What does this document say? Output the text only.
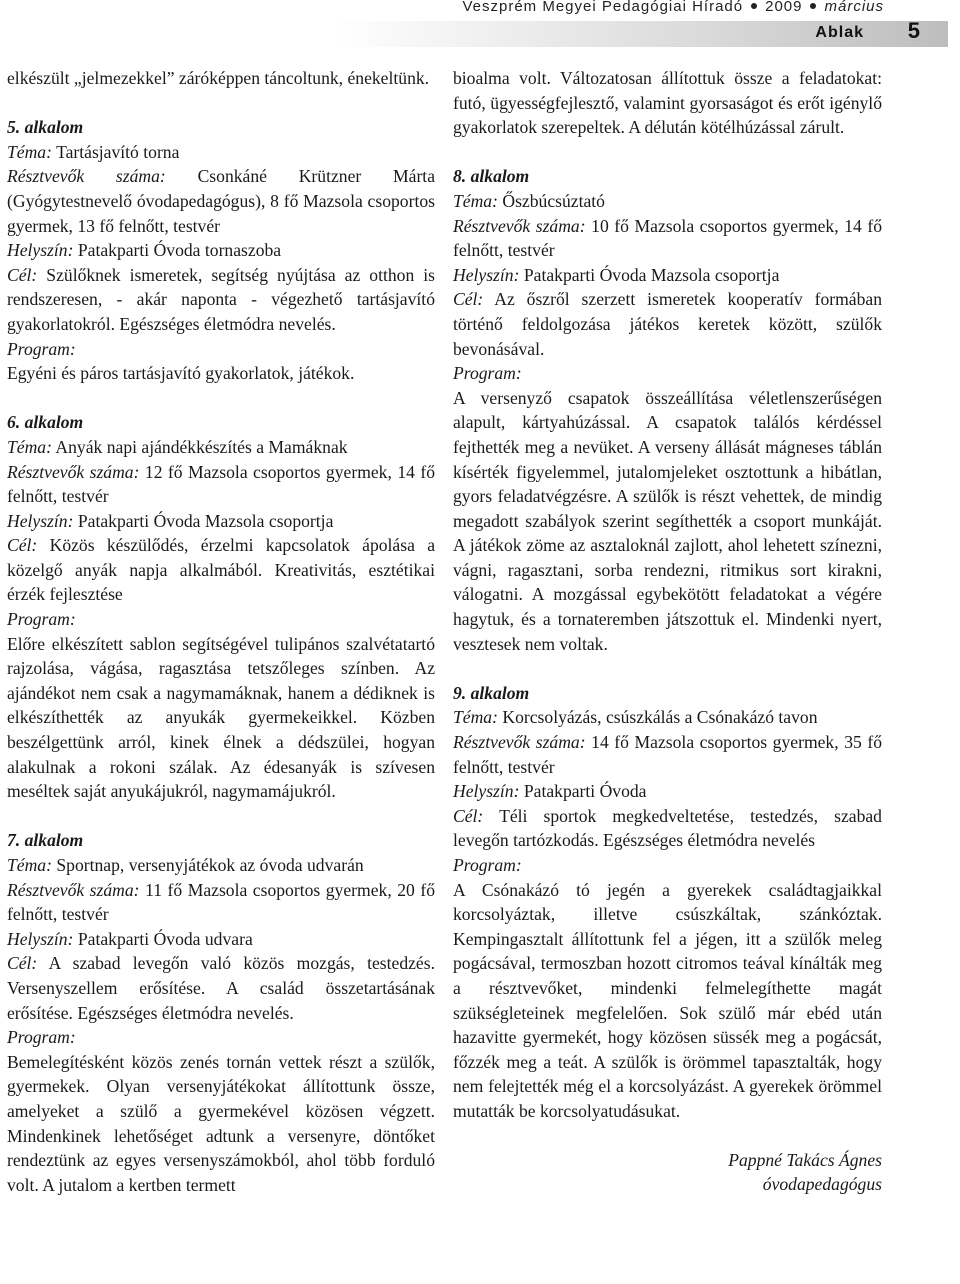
Veszprém Megyei Pedagógiai Híradó 2009 március
Ablak 5

elkészült „jelmezekkel” záróképpen táncoltunk, énekeltünk.

5. alkalom

Téma: Tartásjavító torna

Résztvevők száma: Csonkáné Krützner Márta (Gyógytestnevelő óvodapedagógus), 8 fő Mazsola csoportos gyermek, 13 fő felnőtt, testvér

Helyszín: Patakparti Óvoda tornaszoba

Cél: Szülőknek ismeretek, segítség nyújtása az otthon is rendszeresen, - akár naponta - végezhető tartásjavító gyakorlatokról. Egészséges életmódra nevelés.

Program:

Egyéni és páros tartásjavító gyakorlatok, játékok.

6. alkalom

Téma: Anyák napi ajándékkészítés a Mamáknak

Résztvevők száma: 12 fő Mazsola csoportos gyermek, 14 fő felnőtt, testvér

Helyszín: Patakparti Óvoda Mazsola csoportja

Cél: Közös készülődés, érzelmi kapcsolatok ápolása a közelgő anyák napja alkalmából. Kreativitás, esztétikai érzék fejlesztése

Program:

Előre elkészített sablon segítségével tulipános szalvétatartó rajzolása, vágása, ragasztása tetszőleges színben. Az ajándékot nem csak a nagymamáknak, hanem a dédiknek is elkészíthették az anyukák gyermekeikkel. Közben beszélgettünk arról, kinek élnek a dédszülei, hogyan alakulnak a rokoni szálak. Az édesanyák is szívesen meséltek saját anyukájukról, nagymamájukról.

7. alkalom

Téma: Sportnap, versenyjátékok az óvoda udvarán

Résztvevők száma: 11 fő Mazsola csoportos gyermek, 20 fő felnőtt, testvér

Helyszín: Patakparti Óvoda udvara

Cél: A szabad levegőn való közös mozgás, testedzés. Versenyszellem erősítése. A család összetartásának erősítése. Egészséges életmódra nevelés.

Program:

Bemelegítésként közös zenés tornán vettek részt a szülők, gyermekek. Olyan versenyjátékokat állítottunk össze, amelyeket a szülő a gyermekével közösen végzett. Mindenkinek lehetőséget adtunk a versenyre, döntőket rendeztünk az egyes versenyszámokból, ahol több forduló volt. A jutalom a kertben termett

bioalma volt. Változatosan állítottuk össze a feladatokat: futó, ügyességfejlesztő, valamint gyorsaságot és erőt igénylő gyakorlatok szerepeltek. A délután kötélhúzással zárult.

8. alkalom

Téma: Őszbúcsúztató

Résztvevők száma: 10 fő Mazsola csoportos gyermek, 14 fő felnőtt, testvér

Helyszín: Patakparti Óvoda Mazsola csoportja

Cél: Az őszről szerzett ismeretek kooperatív formában történő feldolgozása játékos keretek között, szülők bevonásával.

Program:

A versenyző csapatok összeállítása véletlenszerűségen alapult, kártyahúzással. A csapatok találós kérdéssel fejthették meg a nevüket. A verseny állását mágneses táblán kísérték figyelemmel, jutalomjeleket osztottunk a hibátlan, gyors feladatvégzésre. A szülők is részt vehettek, de mindig megadott szabályok szerint segíthették a csoport munkáját. A játékok zöme az asztaloknál zajlott, ahol lehetett színezni, vágni, ragasztani, sorba rendezni, ritmikus sort kirakni, válogatni. A mozgással egybekötött feladatokat a végére hagytuk, és a tornateremben játszottuk el. Mindenki nyert, vesztesek nem voltak.

9. alkalom

Téma: Korcsolyázás, csúszkálás a Csónakázó tavon

Résztvevők száma: 14 fő Mazsola csoportos gyermek, 35 fő felnőtt, testvér

Helyszín: Patakparti Óvoda

Cél: Téli sportok megkedveltetése, testedzés, szabad levegőn tartózkodás. Egészséges életmódra nevelés

Program:

A Csónakázó tó jegén a gyerekek családtagjaikkal korcsolyáztak, illetve csúszkáltak, szánkóztak. Kempingasztalt állítottunk fel a jégen, itt a szülők meleg pogácsával, termoszban hozott citromos teával kínálták meg a résztvevőket, mindenki felmelegíthette magát szükségleteinek megfelelően. Sok szülő már ebéd után hazavitte gyermekét, hogy közösen süssék meg a pogácsát, főzzék meg a teát. A szülők is örömmel tapasztalták, hogy nem felejtették még el a korcsolyázást. A gyerekek örömmel mutatták be korcsolyatudásukat.

Pappné Takács Ágnes

óvodapedagógus
